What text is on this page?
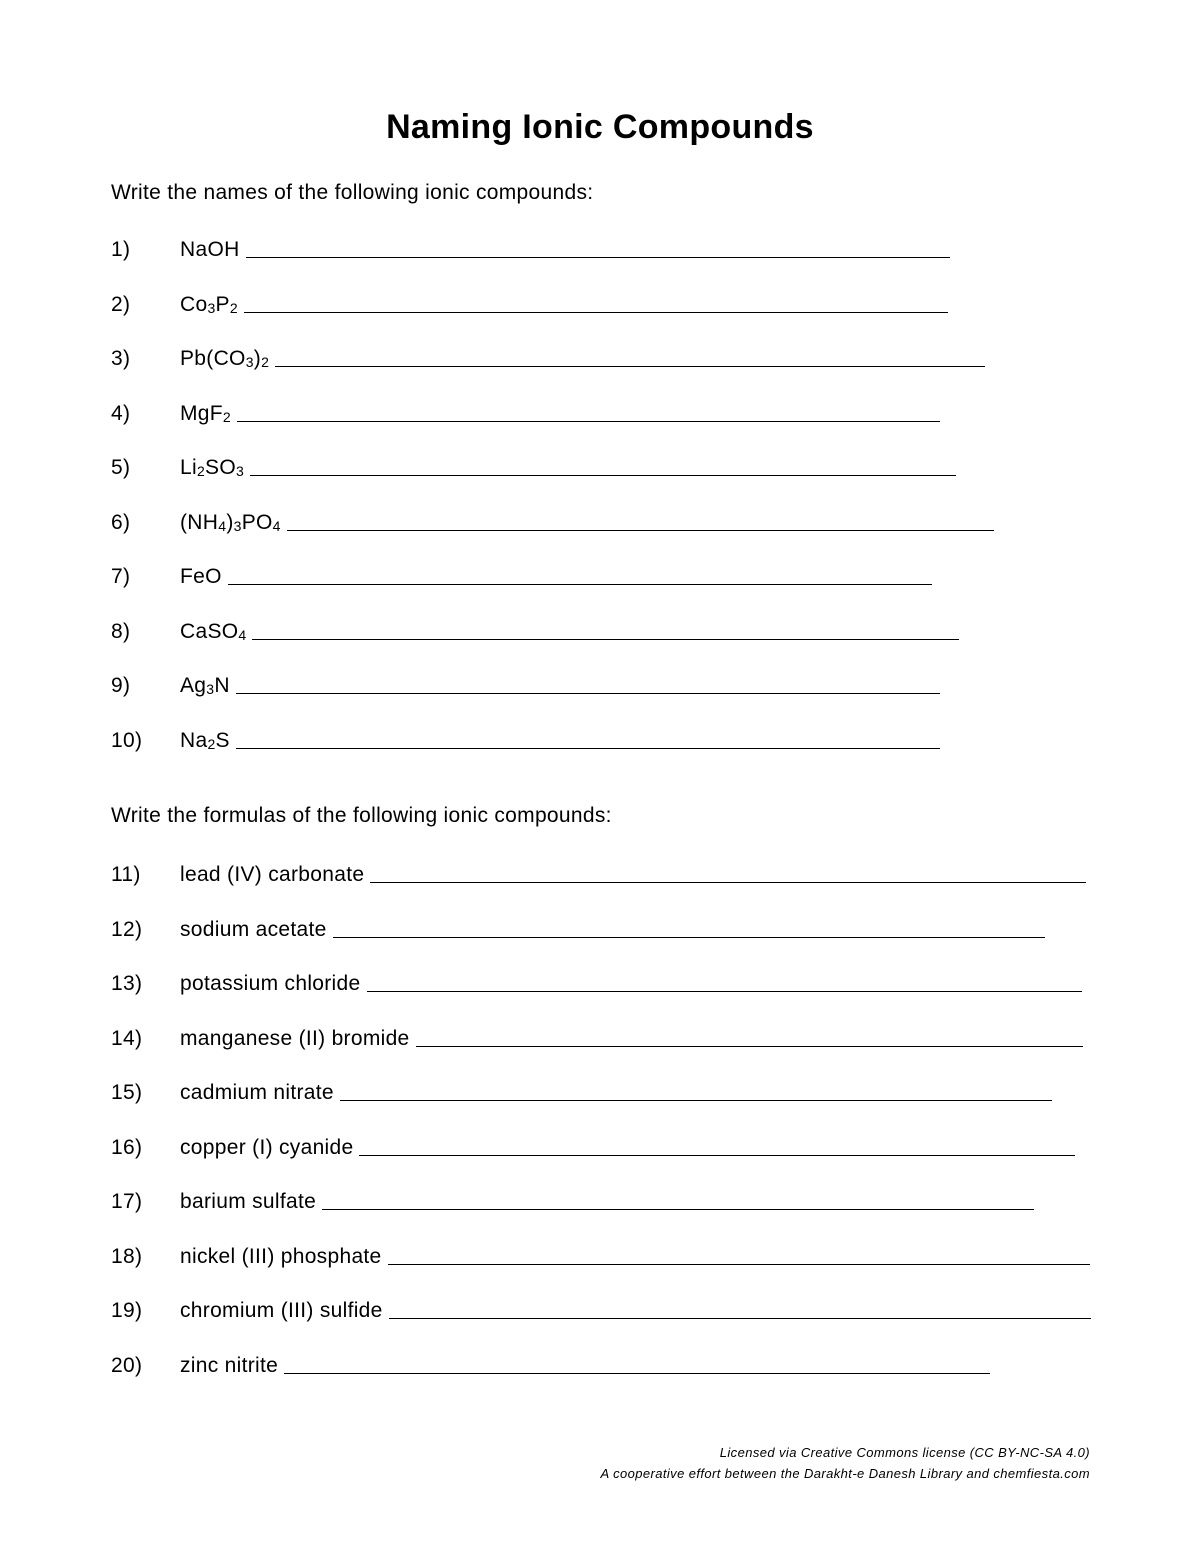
Naming Ionic Compounds
Write the names of the following ionic compounds:
1)	NaOH
2)	$Co_3P_2$
3)	$Pb(CO_3)_2$
4)	MgF$_2$
5)	$Li_2SO_3$
6)	$(NH_4)_3PO_4$
7)	FeO
8)	CaSO$_4$
9)	$Ag_3N$
10)	$Na_2S$
Write the formulas of the following ionic compounds:
11)	lead (IV) carbonate
12)	sodium acetate
13)	potassium chloride
14)	manganese (II) bromide
15)	cadmium nitrate
16)	copper (I) cyanide
17)	barium sulfate
18)	nickel (III) phosphate
19)	chromium (III) sulfide
20)	zinc nitrite
Licensed via Creative Commons license (CC BY-NC-SA 4.0)
A cooperative effort between the Darakht-e Danesh Library and chemfiesta.com
